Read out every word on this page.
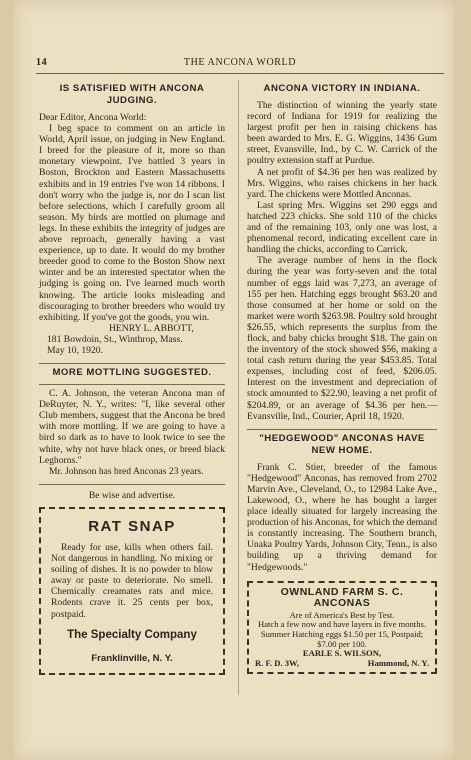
14	THE ANCONA WORLD
IS SATISFIED WITH ANCONA JUDGING.

Dear Editor, Ancona World:

I beg space to comment on an article in World, April issue, on judging in New England. I breed for the pleasure of it, more so than monetary viewpoint. I've battled 3 years in Boston, Brockton and Eastern Massachusetts exhibits and in 19 entries I've won 14 ribbons. I don't worry who the judge is, nor do I scan list before selections, which I carefully groom all season. My birds are mottled on plumage and legs. In these exhibits the integrity of judges are above reproach, generally having a vast experience, up to date. It would do my brother breeder good to come to the Boston Show next winter and be an interested spectator when the judging is going on. I've learned much worth knowing. The article looks misleading and discouraging to brother breeders who would try exhibiting. If you've got the goods, you win.

HENRY L. ABBOTT,

181 Bowdoin, St., Winthrop, Mass.

May 10, 1920.

MORE MOTTLING SUGGESTED.

C. A. Johnson, the veteran Ancona man of DeRuyter, N. Y., writes: "I, like several other Club members, suggest that the Ancona be bred with more mottling. If we are going to have a bird so dark as to have to look twice to see the white, why not have black ones, or breed black Leghorns."

Mr. Johnson has bred Anconas 23 years.

Be wise and advertise.

RAT SNAP
Ready for use, kills when others fail. Not dangerous in handling. No mixing or soiling of dishes. It is no powder to blow away or paste to deteriorate. No smell. Chemically creamates rats and mice. Rodents crave it. 25 cents per box, postpaid.
The Specialty Company
Franklinville, N. Y.
ANCONA VICTORY IN INDIANA.

The distinction of winning the yearly state record of Indiana for 1919 for realizing the largest profit per hen in raising chickens has been awarded to Mrs. E. G. Wiggins, 1436 Gum street, Evansville, Ind., by C. W. Carrick of the poultry extension staff at Purdue.

A net profit of $4.36 per hen was realized by Mrs. Wiggins, who raises chickens in her back yard. The chickens were Mottled Anconas.

Last spring Mrs. Wiggins set 290 eggs and hatched 223 chicks. She sold 110 of the chicks and of the remaining 103, only one was lost, a phenomenal record, indicating excellent care in handling the chicks, according to Carrick.

The average number of hens in the flock during the year was forty-seven and the total number of eggs laid was 7,273, an average of 155 per hen. Hatching eggs brought $63.20 and those consumed at her home or sold on the market were worth $263.98. Poultry sold brought $26.55, which represents the surplus from the flock, and baby chicks brought $18. The gain on the inventory of the stock showed $56, making a total cash return during the year $453.85. Total expenses, including cost of feed, $206.05. Interest on the investment and depreciation of stock amounted to $22.90, leaving a net profit of $204.89, or an average of $4.36 per hen.—Evansville, Ind., Courier, April 18, 1920.

"HEDGEWOOD" ANCONAS HAVE NEW HOME.

Frank C. Stier, breeder of the famous "Hedgewood" Anconas, has removed from 2702 Marvin Ave., Cleveland, O., to 12984 Lake Ave., Lakewood, O., where he has bought a larger place ideally situated for largely increasing the production of his Anconas, for which the demand is constantly increasing. The Southern branch, Unaka Poultry Yards, Johnson City, Tenn., is also building up a thriving demand for "Hedgewoods."

OWNLAND FARM S. C. ANCONAS
Are of America's Best by Test.
Hatch a few now and have layers in five months.
Summer Hatching eggs $1.50 per 15, Postpaid; $7.00 per 100.
EARLE S. WILSON,
R. F. D. 3W,	Hammond, N. Y.
